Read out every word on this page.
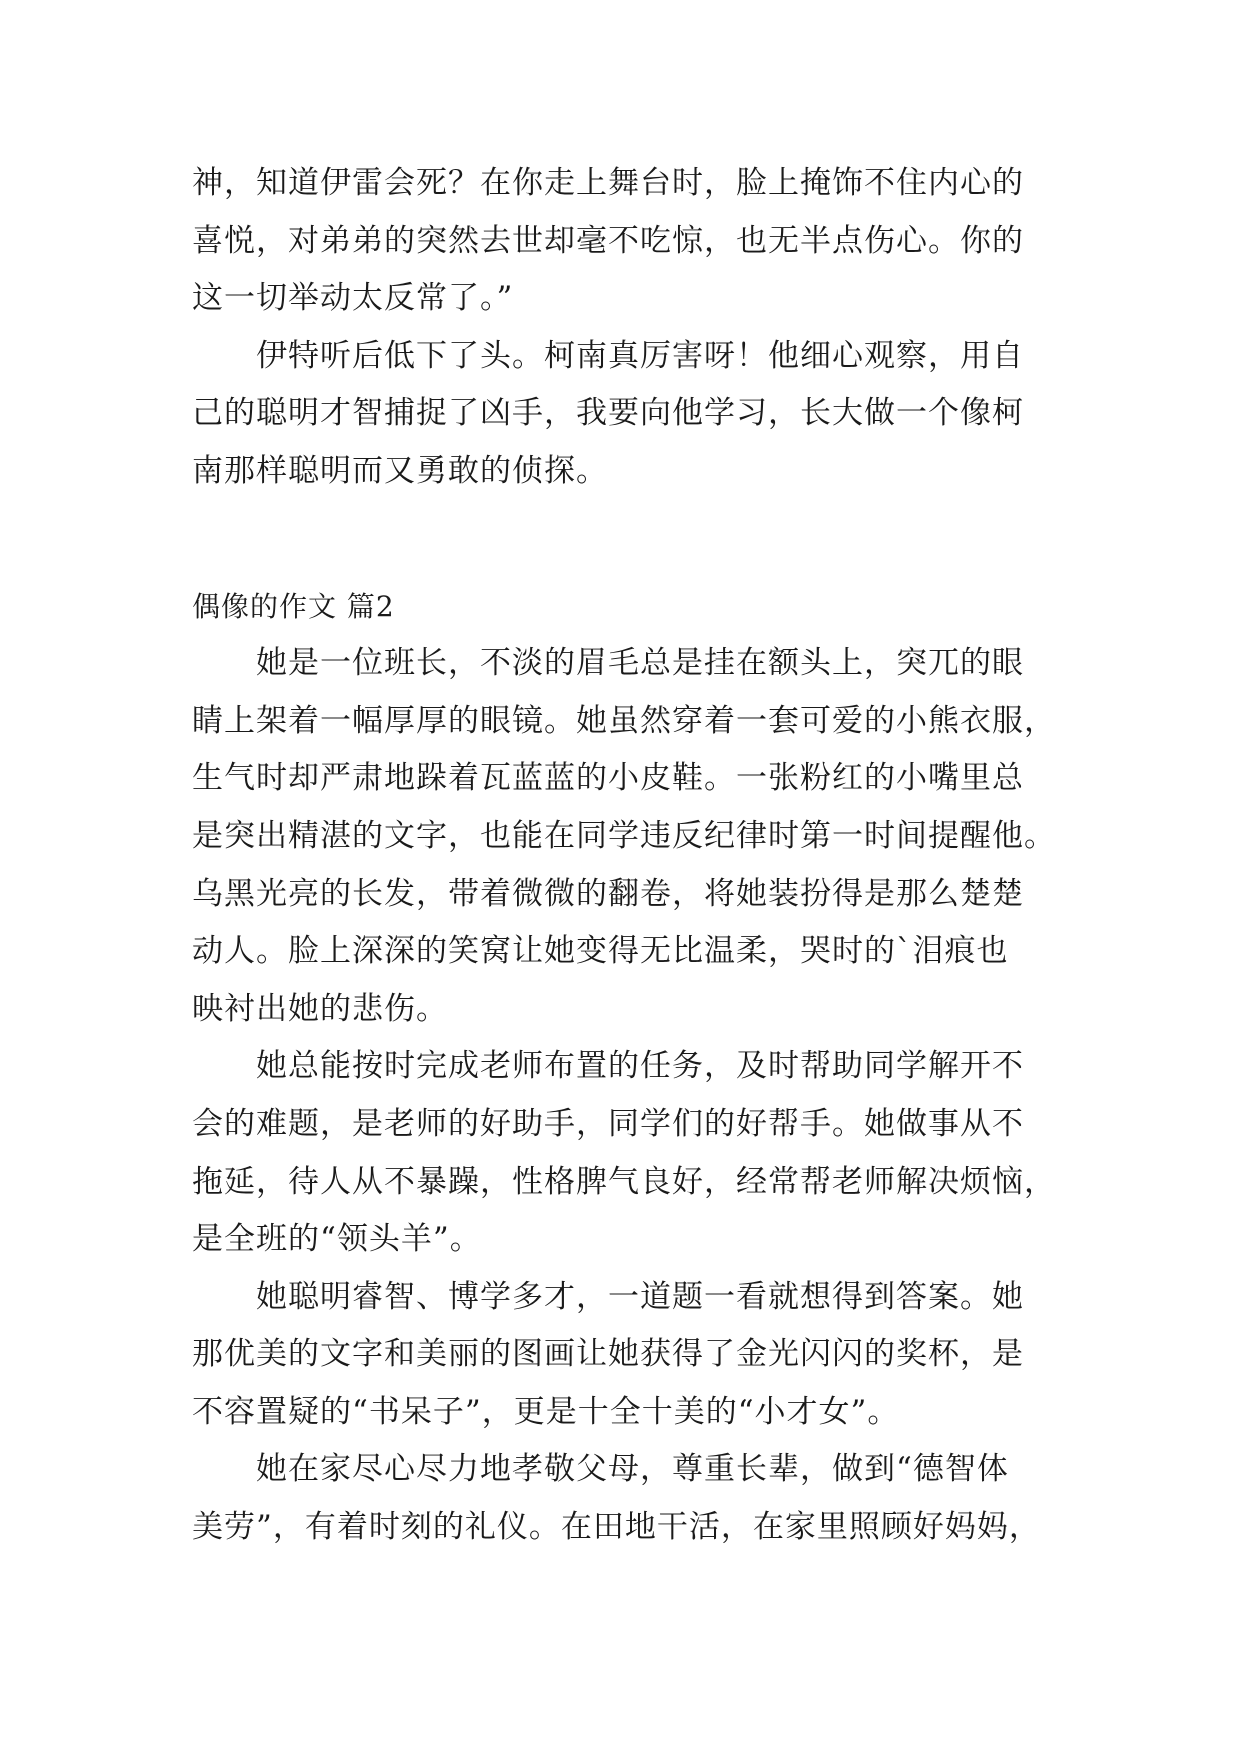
神，知道伊雷会死？在你走上舞台时，脸上掩饰不住内心的
喜悦，对弟弟的突然去世却毫不吃惊，也无半点伤心。你的
这一切举动太反常了。”
伊特听后低下了头。柯南真厉害呀！他细心观察，用自
己的聪明才智捕捉了凶手，我要向他学习，长大做一个像柯
南那样聪明而又勇敢的侦探。
偶像的作文 篇2
她是一位班长，不淡的眉毛总是挂在额头上，突兀的眼
睛上架着一幅厚厚的眼镜。她虽然穿着一套可爱的小熊衣服，
生气时却严肃地跺着瓦蓝蓝的小皮鞋。一张粉红的小嘴里总
是突出精湛的文字，也能在同学违反纪律时第一时间提醒他。
乌黑光亮的长发，带着微微的翻卷，将她装扮得是那么楚楚
动人。脸上深深的笑窝让她变得无比温柔，哭时的`泪痕也
映衬出她的悲伤。
她总能按时完成老师布置的任务，及时帮助同学解开不
会的难题，是老师的好助手，同学们的好帮手。她做事从不
拖延，待人从不暴躁，性格脾气良好，经常帮老师解决烦恼，
是全班的“领头羊”。
她聪明睿智、博学多才，一道题一看就想得到答案。她
那优美的文字和美丽的图画让她获得了金光闪闪的奖杯，是
不容置疑的“书呆子”，更是十全十美的“小才女”。
她在家尽心尽力地孝敬父母，尊重长辈，做到“德智体
美劳”，有着时刻的礼仪。在田地干活，在家里照顾好妈妈，
